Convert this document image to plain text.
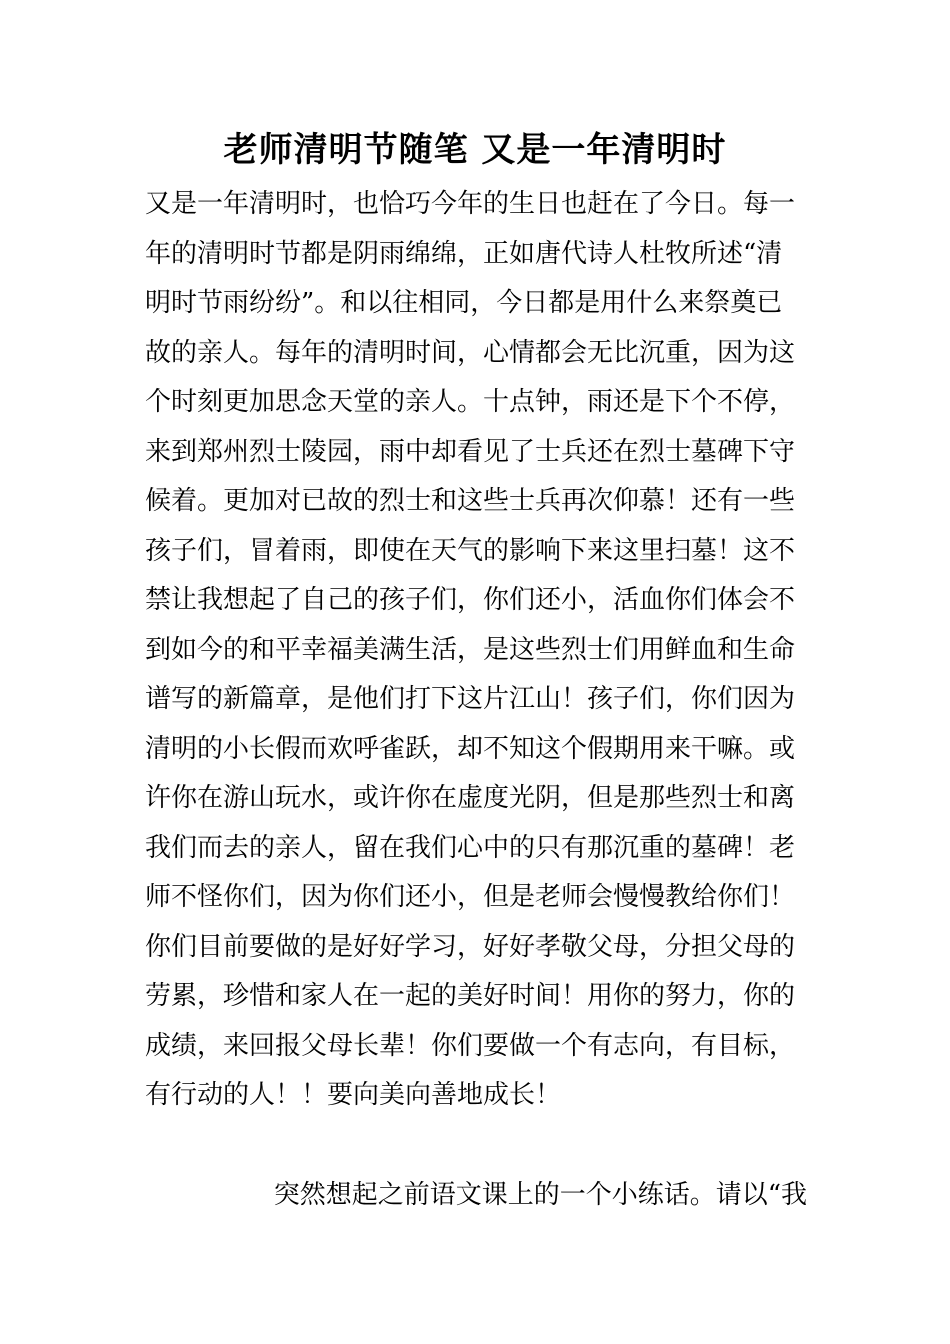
老师清明节随笔 又是一年清明时
又是一年清明时，也恰巧今年的生日也赶在了今日。每一
年的清明时节都是阴雨绵绵，正如唐代诗人杜牧所述“清
明时节雨纷纷”。和以往相同，今日都是用什么来祭奠已
故的亲人。每年的清明时间，心情都会无比沉重，因为这
个时刻更加思念天堂的亲人。十点钟，雨还是下个不停，
来到郑州烈士陵园，雨中却看见了士兵还在烈士墓碑下守
候着。更加对已故的烈士和这些士兵再次仰慕！还有一些
孩子们，冒着雨，即使在天气的影响下来这里扫墓！这不
禁让我想起了自己的孩子们，你们还小，活血你们体会不
到如今的和平幸福美满生活，是这些烈士们用鲜血和生命
谱写的新篇章，是他们打下这片江山！孩子们，你们因为
清明的小长假而欢呼雀跃，却不知这个假期用来干嘛。或
许你在游山玩水，或许你在虚度光阴，但是那些烈士和离
我们而去的亲人，留在我们心中的只有那沉重的墓碑！老
师不怪你们，因为你们还小，但是老师会慢慢教给你们！
你们目前要做的是好好学习，好好孝敬父母，分担父母的
劳累，珍惜和家人在一起的美好时间！用你的努力，你的
成绩，来回报父母长辈！你们要做一个有志向，有目标，
有行动的人！！要向美向善地成长！
突然想起之前语文课上的一个小练话。请以“我
